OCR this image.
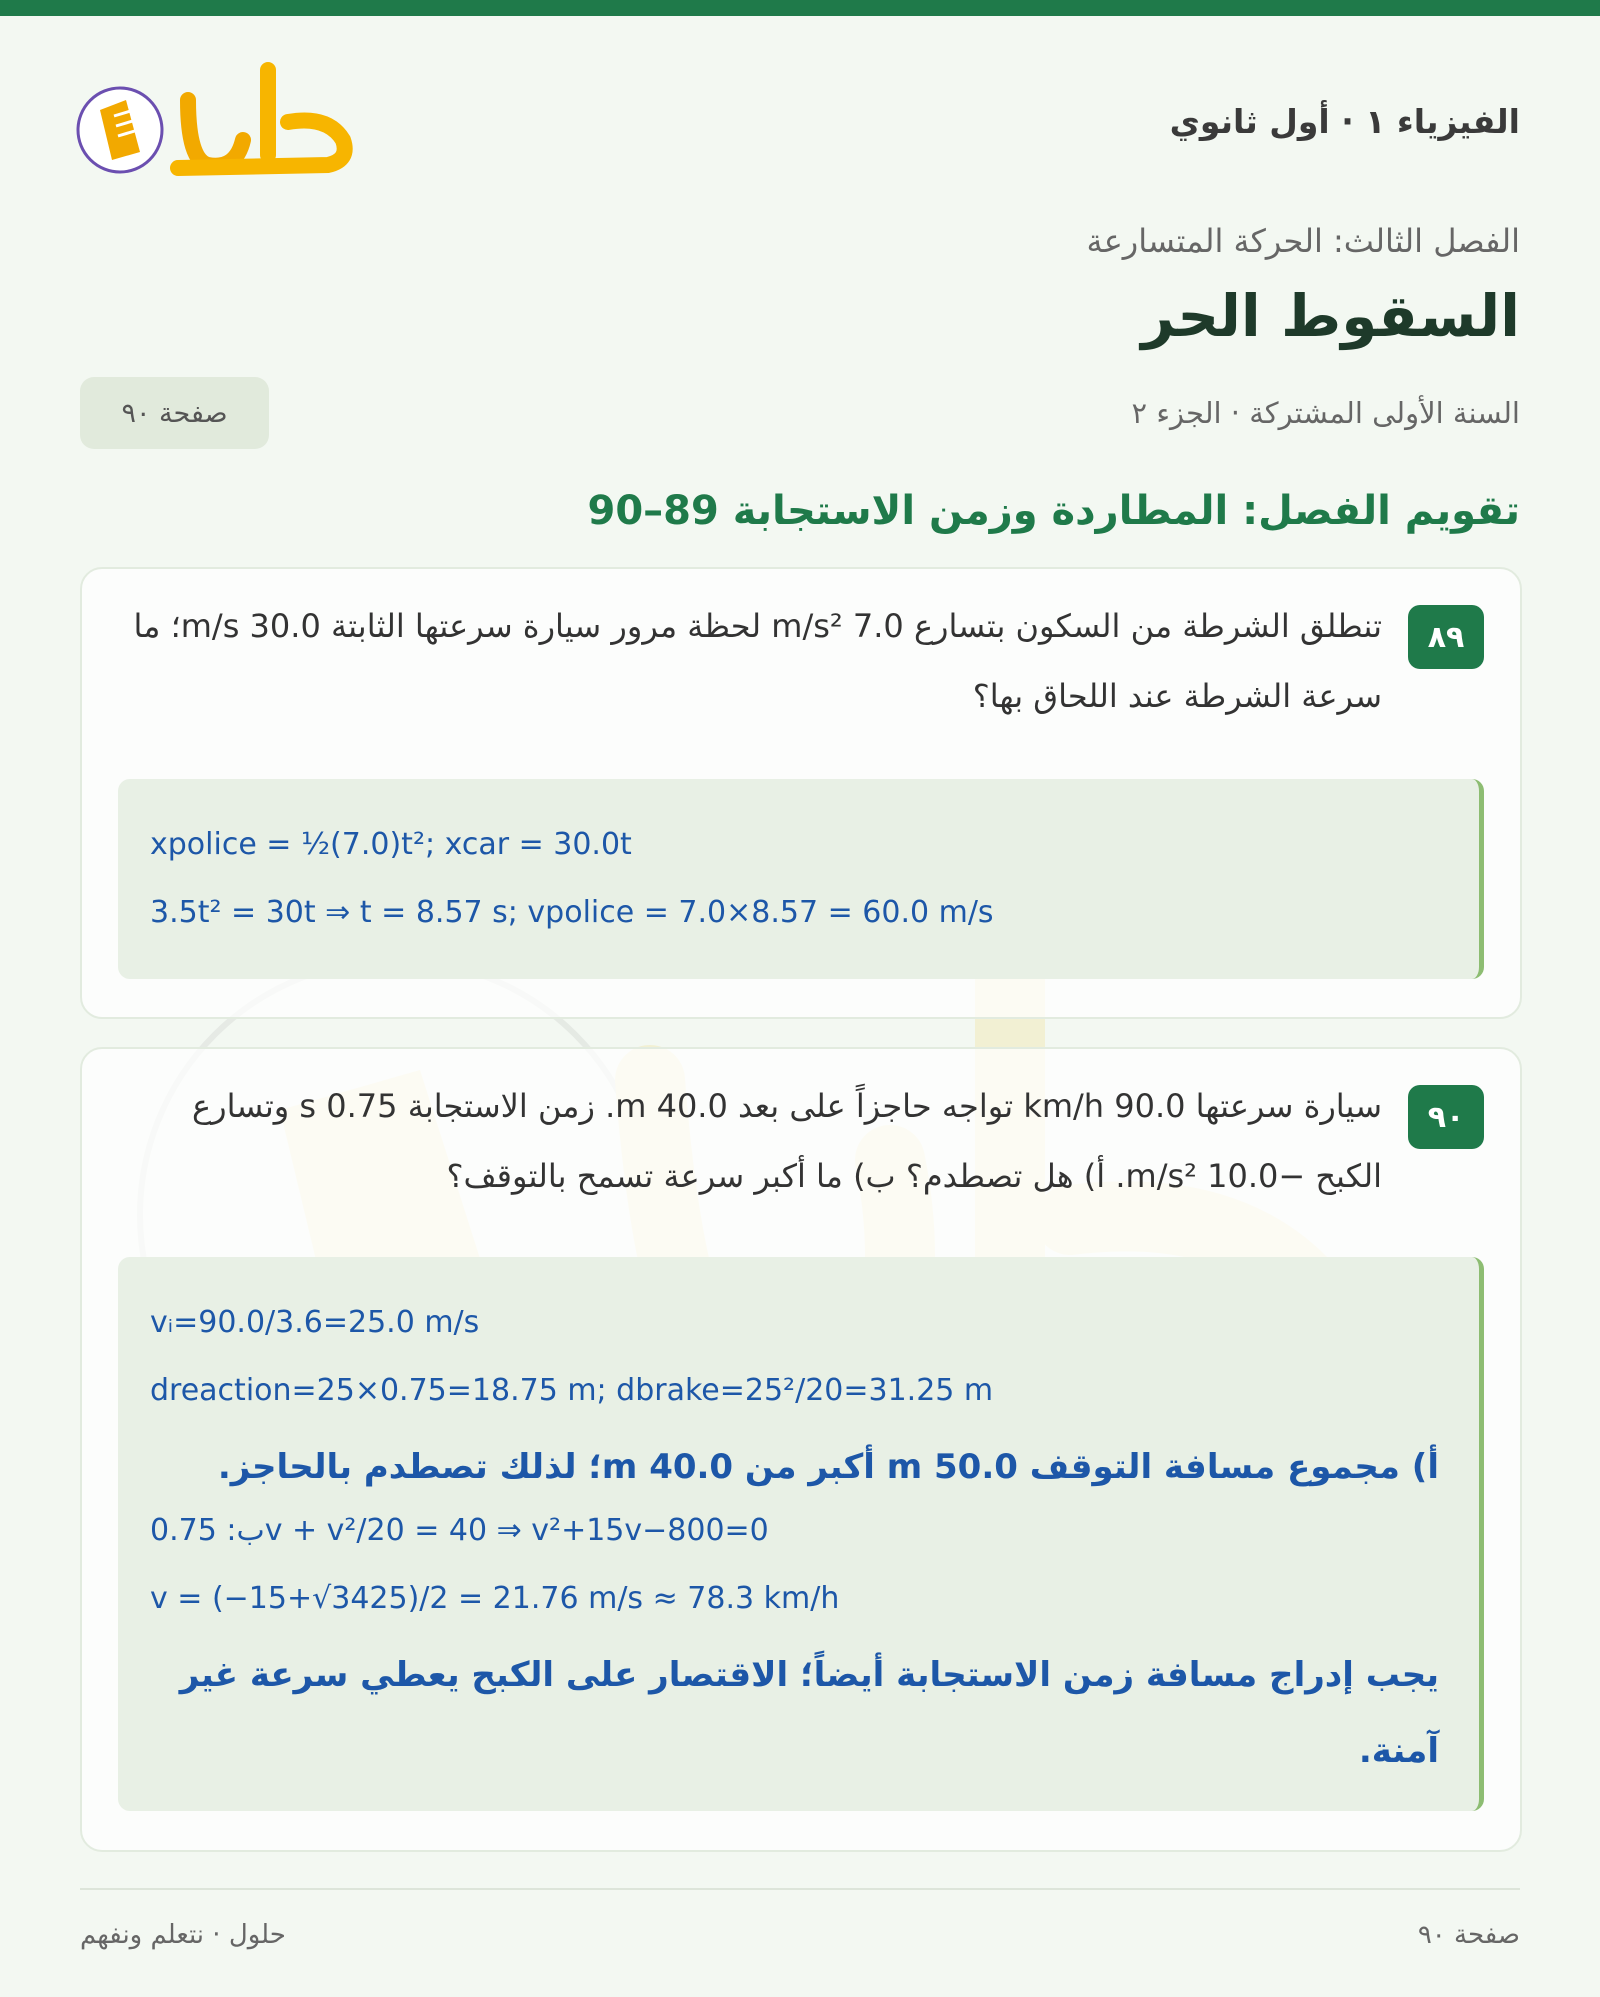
الفيزياء ١ · أول ثانوي
حلول
الفصل الثالث: الحركة المتسارعة
السقوط الحر
السنة الأولى المشتركة · الجزء ٢
صفحة ٩٠
تقويم الفصل: المطاردة وزمن الاستجابة 89–90
٨٩
تنطلق الشرطة من السكون بتسارع 7.0 m/s² لحظة مرور سيارة سرعتها الثابتة 30.0 m/s؛ ما سرعة الشرطة عند اللحاق بها؟
xpolice = ½(7.0)t²; xcar = 30.0t
3.5t² = 30t ⇒ t = 8.57 s; vpolice = 7.0×8.57 = 60.0 m/s
٩٠
سيارة سرعتها 90.0 km/h تواجه حاجزاً على بعد 40.0 m. زمن الاستجابة 0.75 s وتسارع الكبح −10.0 m/s². أ) هل تصطدم؟ ب) ما أكبر سرعة تسمح بالتوقف؟
vᵢ=90.0/3.6=25.0 m/s
dreaction=25×0.75=18.75 m; dbrake=25²/20=31.25 m
أ) مجموع مسافة التوقف 50.0 m أكبر من 40.0 m؛ لذلك تصطدم بالحاجز.
ب: 0.75v + v²/20 = 40 ⇒ v²+15v−800=0
v = (−15+√3425)/2 = 21.76 m/s ≈ 78.3 km/h
يجب إدراج مسافة زمن الاستجابة أيضاً؛ الاقتصار على الكبح يعطي سرعة غير آمنة.
صفحة ٩٠
حلول · نتعلم ونفهم
